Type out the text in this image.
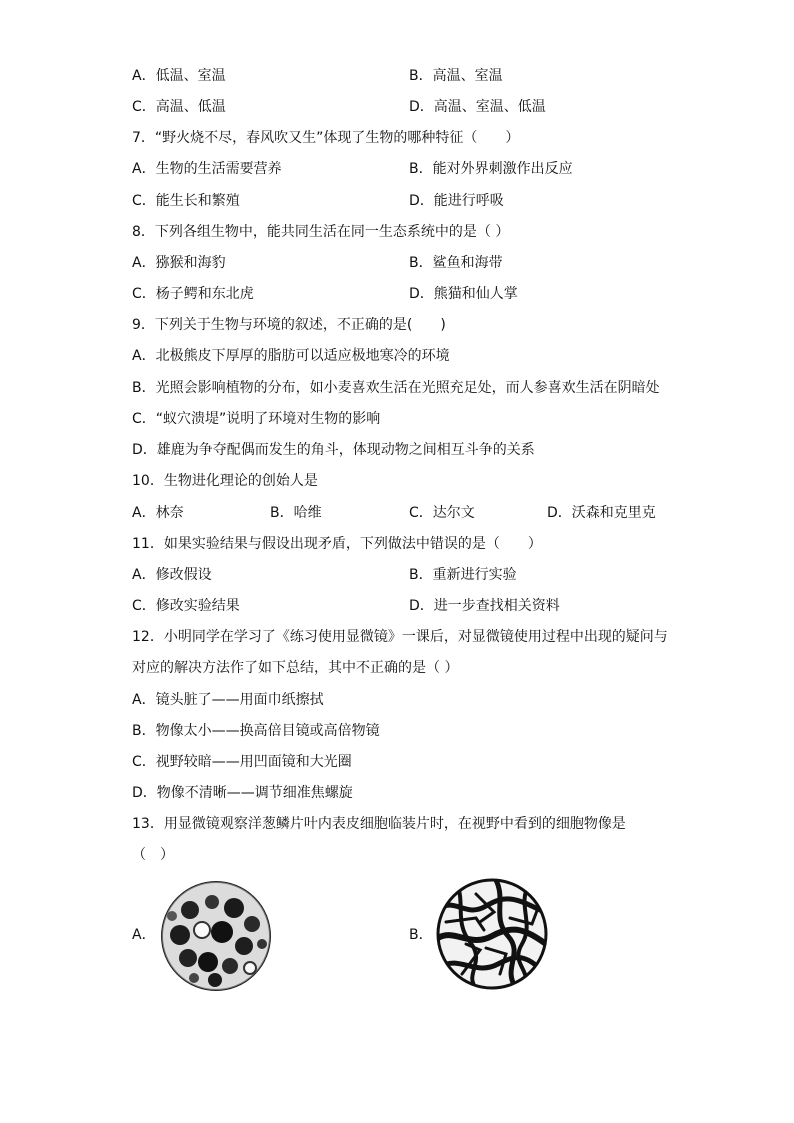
A．低温、室温	B．高温、室温
C．高温、低温	D．高温、室温、低温
7．“野火烧不尽，春风吹又生”体现了生物的哪种特征（　　）
A．生物的生活需要营养	B．能对外界刺激作出反应
C．能生长和繁殖	D．能进行呼吸
8．下列各组生物中，能共同生活在同一生态系统中的是（ ）
A．猕猴和海豹	B．鲨鱼和海带
C．杨子鳄和东北虎	D．熊猫和仙人掌
9．下列关于生物与环境的叙述，不正确的是(　　)
A．北极熊皮下厚厚的脂肪可以适应极地寒冷的环境
B．光照会影响植物的分布，如小麦喜欢生活在光照充足处，而人参喜欢生活在阴暗处
C．“蚁穴溃堤”说明了环境对生物的影响
D．雄鹿为争夺配偶而发生的角斗，体现动物之间相互斗争的关系
10．生物进化理论的创始人是
A．林奈	B．哈维	C．达尔文	D．沃森和克里克
11．如果实验结果与假设出现矛盾，下列做法中错误的是（　　）
A．修改假设	B．重新进行实验
C．修改实验结果	D．进一步查找相关资料
12．小明同学在学习了《练习使用显微镜》一课后，对显微镜使用过程中出现的疑问与
对应的解决方法作了如下总结，其中不正确的是（ ）
A．镜头脏了——用面巾纸擦拭
B．物像太小——换高倍目镜或高倍物镜
C．视野较暗——用凹面镜和大光圈
D．物像不清晰——调节细准焦螺旋
13．用显微镜观察洋葱鳞片叶内表皮细胞临装片时，在视野中看到的细胞物像是
（　）
A．	B．
